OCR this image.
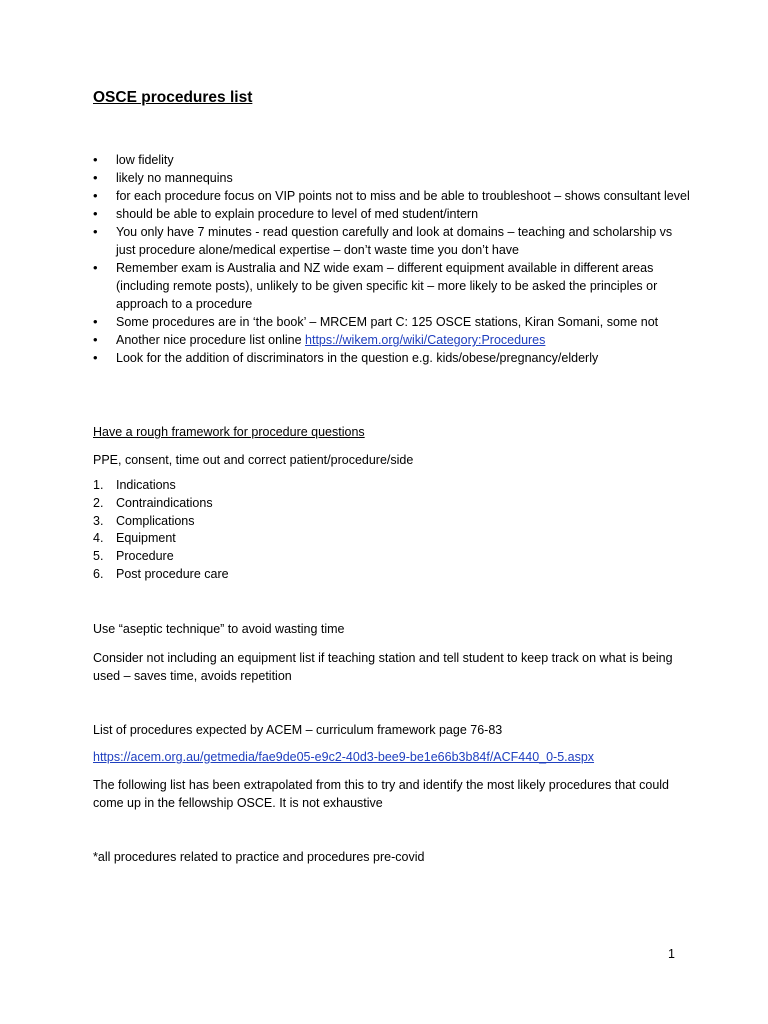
OSCE procedures list
• low fidelity
• likely no mannequins
• for each procedure focus on VIP points not to miss and be able to troubleshoot – shows consultant level
• should be able to explain procedure to level of med student/intern
• You only have 7 minutes - read question carefully and look at domains – teaching and scholarship vs just procedure alone/medical expertise – don’t waste time you don’t have
• Remember exam is Australia and NZ wide exam – different equipment available in different areas (including remote posts), unlikely to be given specific kit – more likely to be asked the principles or approach to a procedure
• Some procedures are in ‘the book’ – MRCEM part C: 125 OSCE stations, Kiran Somani, some not
• Another nice procedure list online https://wikem.org/wiki/Category:Procedures
• Look for the addition of discriminators in the question e.g. kids/obese/pregnancy/elderly

Have a rough framework for procedure questions

PPE, consent, time out and correct patient/procedure/side

1. Indications
2. Contraindications
3. Complications
4. Equipment
5. Procedure
6. Post procedure care

Use “aseptic technique” to avoid wasting time

Consider not including an equipment list if teaching station and tell student to keep track on what is being used – saves time, avoids repetition

List of procedures expected by ACEM – curriculum framework page 76-83

https://acem.org.au/getmedia/fae9de05-e9c2-40d3-bee9-be1e66b3b84f/ACF440_0-5.aspx

The following list has been extrapolated from this to try and identify the most likely procedures that could come up in the fellowship OSCE. It is not exhaustive

*all procedures related to practice and procedures pre-covid

1
